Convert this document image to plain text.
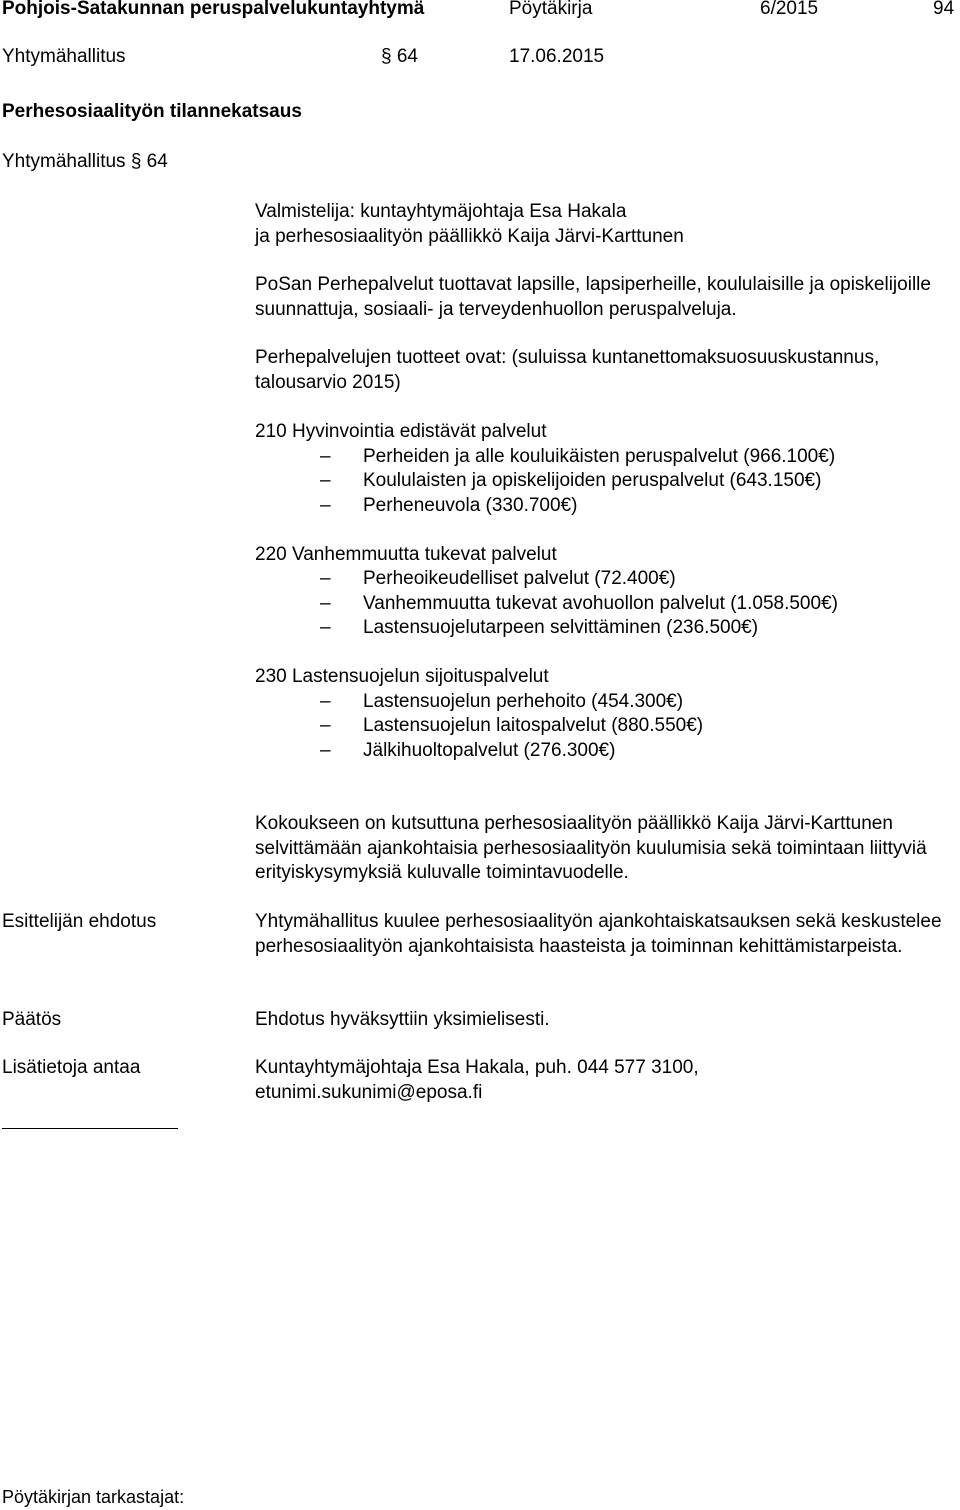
Pohjois-Satakunnan peruspalvelukuntayhtymä	Pöytäkirja	6/2015	94
Yhtymähallitus	§ 64	17.06.2015
Perhesosiaalityön tilannekatsaus
Yhtymähallitus § 64
Valmistelija: kuntayhtymäjohtaja Esa Hakala
ja perhesosiaalityön päällikkö Kaija Järvi-Karttunen
PoSan Perhepalvelut tuottavat lapsille, lapsiperheille, koululaisille ja opiskelijoille suunnattuja, sosiaali- ja terveydenhuollon peruspalveluja.
Perhepalvelujen tuotteet ovat: (suluissa kuntanettomaksuosuuskustannus, talousarvio 2015)
210 Hyvinvointia edistävät palvelut
–	Perheiden ja alle kouluikäisten peruspalvelut (966.100€)
–	Koululaisten ja opiskelijoiden peruspalvelut (643.150€)
–	Perheneuvola (330.700€)
220 Vanhemmuutta tukevat palvelut
–	Perheoikeudelliset palvelut (72.400€)
–	Vanhemmuutta tukevat avohuollon palvelut (1.058.500€)
–	Lastensuojelutarpeen selvittäminen (236.500€)
230 Lastensuojelun sijoituspalvelut
–	Lastensuojelun perhehoito (454.300€)
–	Lastensuojelun laitospalvelut (880.550€)
–	Jälkihuoltopalvelut (276.300€)
Kokoukseen on kutsuttuna perhesosiaalityön päällikkö Kaija Järvi-Karttunen selvittämään ajankohtaisia perhesosiaalityön kuulumisia sekä toimintaan liittyviä erityiskysymyksiä kuluvalle toimintavuodelle.
Esittelijän ehdotus	Yhtymähallitus kuulee perhesosiaalityön ajankohtaiskatsauksen sekä keskustelee perhesosiaalityön ajankohtaisista haasteista ja toiminnan kehittämistarpeista.
Päätös	Ehdotus hyväksyttiin yksimielisesti.
Lisätietoja antaa	Kuntayhtymäjohtaja Esa Hakala, puh. 044 577 3100,
etunimi.sukunimi@eposa.fi
Pöytäkirjan tarkastajat:
